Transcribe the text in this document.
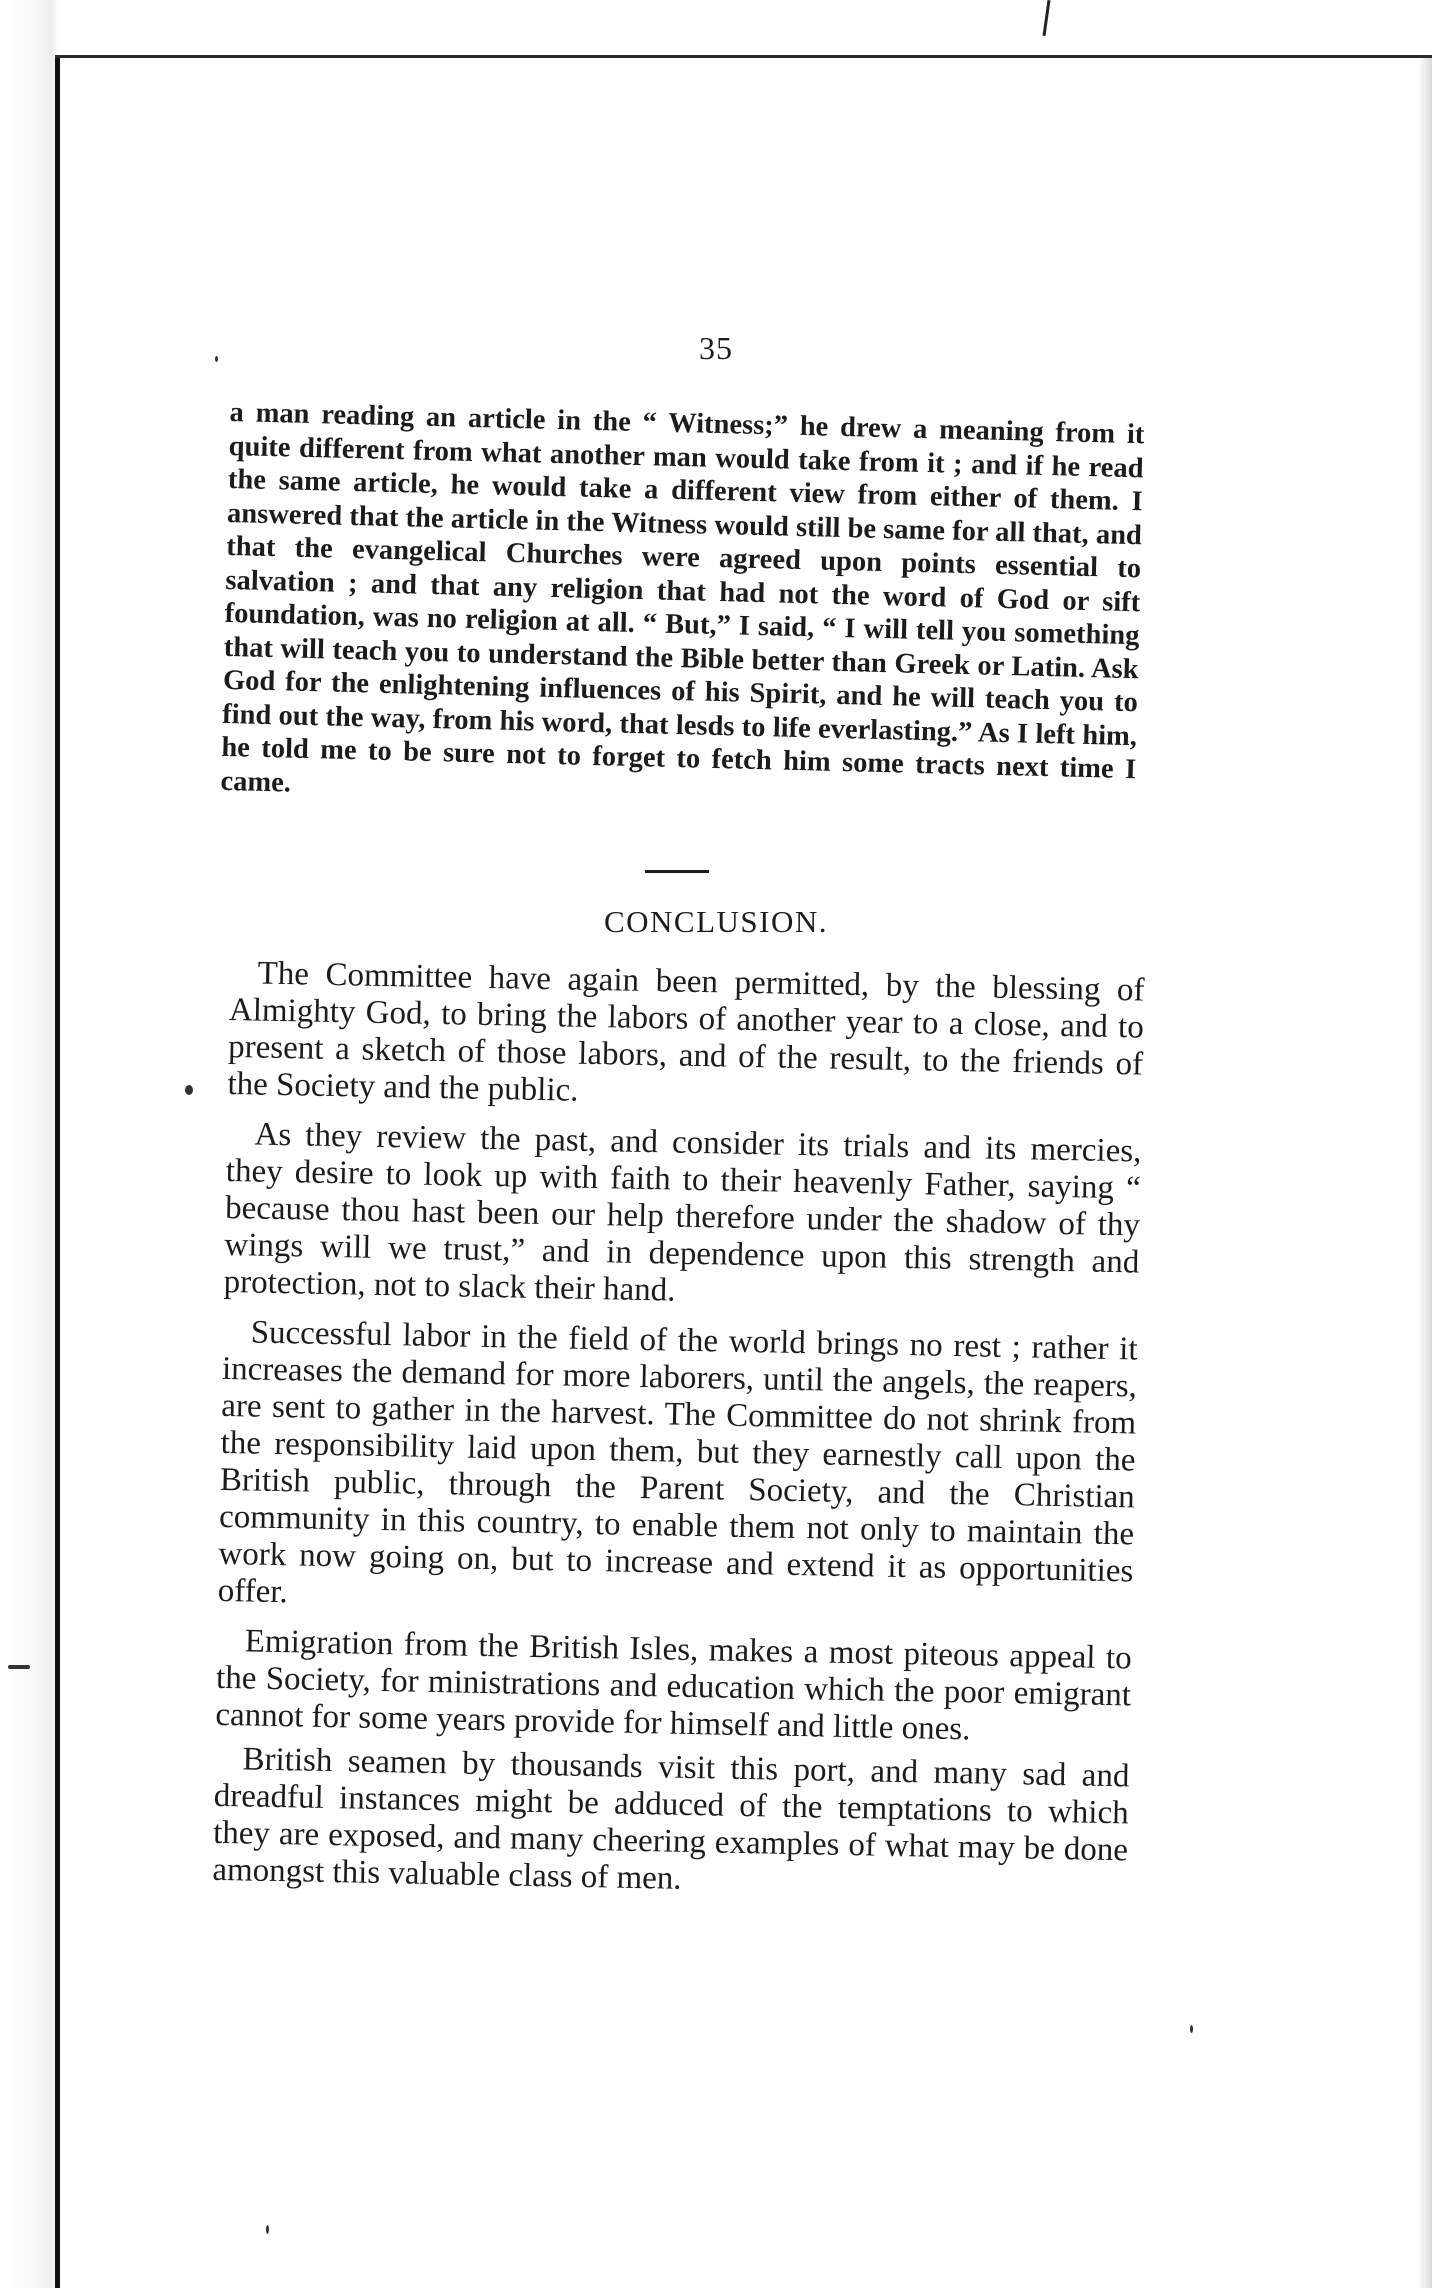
35

a man reading an article in the “ Witness;” he drew a meaning from it quite different from what another man would take from it ; and if he read the same article, he would take a different view from either of them. I answered that the article in the Witness would still be same for all that, and that the evangelical Churches were agreed upon points essential to salvation ; and that any religion that had not the word of God or sift foundation, was no religion at all. “ But,” I said, “ I will tell you something that will teach you to understand the Bible better than Greek or Latin. Ask God for the enlightening influences of his Spirit, and he will teach you to find out the way, from his word, that lesds to life everlasting.” As I left him, he told me to be sure not to forget to fetch him some tracts next time I came.

CONCLUSION.

The Committee have again been permitted, by the blessing of Almighty God, to bring the labors of another year to a close, and to present a sketch of those labors, and of the result, to the friends of the Society and the public.

As they review the past, and consider its trials and its mercies, they desire to look up with faith to their heavenly Father, saying “ because thou hast been our help therefore under the shadow of thy wings will we trust,” and in dependence upon this strength and protection, not to slack their hand.

Successful labor in the field of the world brings no rest ; rather it increases the demand for more laborers, until the angels, the reapers, are sent to gather in the harvest. The Committee do not shrink from the responsibility laid upon them, but they earnestly call upon the British public, through the Parent Society, and the Christian community in this country, to enable them not only to maintain the work now going on, but to increase and extend it as opportunities offer.

Emigration from the British Isles, makes a most piteous appeal to the Society, for ministrations and education which the poor emigrant cannot for some years provide for himself and little ones.

British seamen by thousands visit this port, and many sad and dreadful instances might be adduced of the temptations to which they are exposed, and many cheering examples of what may be done amongst this valuable class of men.
